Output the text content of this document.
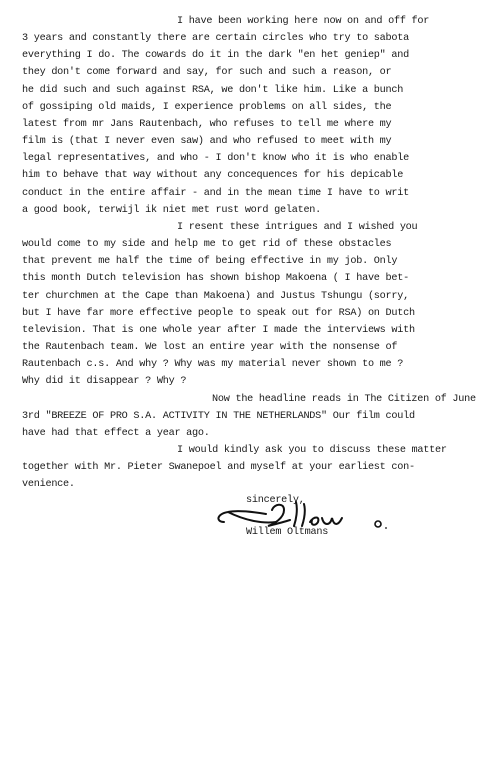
I have been working here now on and off for
3 years and constantly there are certain circles who try to sabota
everything I do. The cowards do it in the dark "en het geniep" and
they don't come forward and say, for such and such a reason, or
he did such and such against RSA, we don't like him. Like a bunch
of gossiping old maids, I experience problems on all sides, the
latest from mr Jans Rautenbach, who refuses to tell me where my
film is (that I never even saw) and who refused to meet with my
legal representatives, and who - I don't know who it is who enable
him to behave that way without any concequences for his depicable
conduct in the entire affair - and in the mean time I have to writ
a good book, terwijl ik niet met rust word gelaten.
I resent these intrigues and I wished you
would come to my side and help me to get rid of these obstacles
that prevent me half the time of being effective in my job. Only
this month Dutch television has shown bishop Makoena ( I have bet-
ter churchmen at the Cape than Makoena) and Justus Tshungu (sorry,
but I have far more effective people to speak out for RSA) on Dutch
television. That is one whole year after I made the interviews with
the Rautenbach team. We lost an entire year with the nonsense of
Rautenbach c.s. And why ? Why was my material never shown to me ?
Why did it disappear ? Why ?
Now the headline reads in The Citizen of June
3rd "BREEZE OF PRO S.A. ACTIVITY IN THE NETHERLANDS" Our film could
have had that effect a year ago.
I would kindly ask you to discuss these matter
together with Mr. Pieter Swanepoel and myself at your earliest con-
venience.
sincerely,
Willem Oltmans
